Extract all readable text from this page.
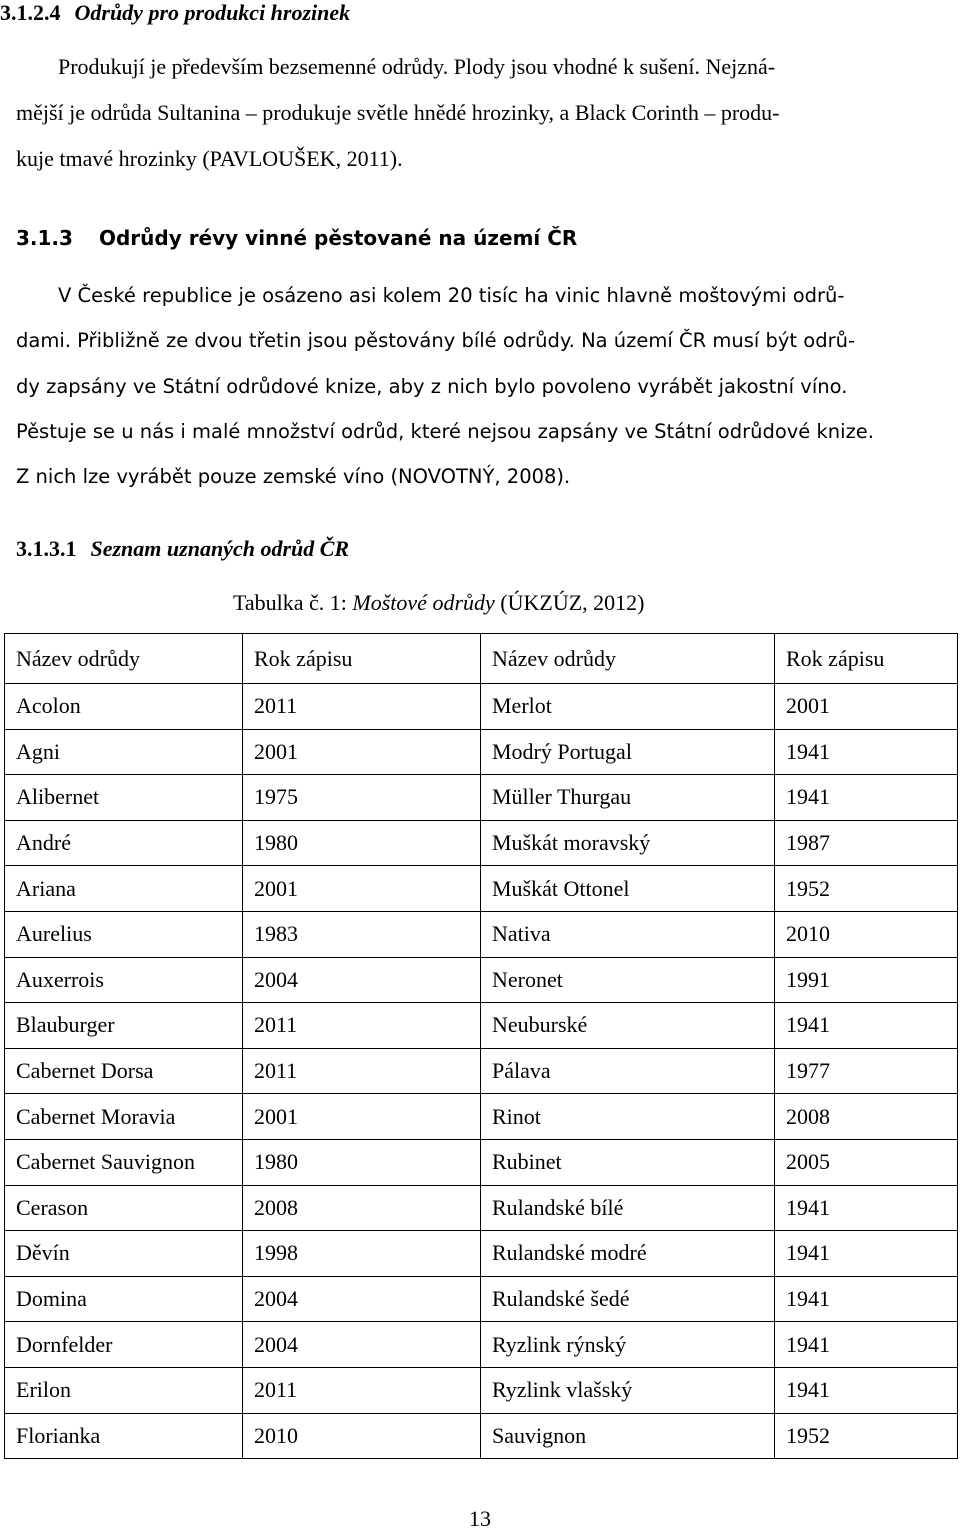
3.1.2.4 Odrůdy pro produkci hrozinek
Produkují je především bezsemenné odrůdy. Plody jsou vhodné k sušení. Nejzná-
mější je odrůda Sultanina – produkuje světle hnědé hrozinky, a Black Corinth – produ-
kuje tmavé hrozinky (PAVLOUŠEK, 2011).
3.1.3 Odrůdy révy vinné pěstované na území ČR
V České republice je osázeno asi kolem 20 tisíc ha vinic hlavně moštovými odrů-
dami. Přibližně ze dvou třetin jsou pěstovány bílé odrůdy. Na území ČR musí být odrů-
dy zapsány ve Státní odrůdové knize, aby z nich bylo povoleno vyrábět jakostní víno.
Pěstuje se u nás i malé množství odrůd, které nejsou zapsány ve Státní odrůdové knize.
Z nich lze vyrábět pouze zemské víno (NOVOTNÝ, 2008).
3.1.3.1 Seznam uznaných odrůd ČR
Tabulka č. 1: Moštové odrůdy (ÚKZÚZ, 2012)
Název odrůdy	Rok zápisu	Název odrůdy	Rok zápisu
Acolon	2011	Merlot	2001
Agni	2001	Modrý Portugal	1941
Alibernet	1975	Müller Thurgau	1941
André	1980	Muškát moravský	1987
Ariana	2001	Muškát Ottonel	1952
Aurelius	1983	Nativa	2010
Auxerrois	2004	Neronet	1991
Blauburger	2011	Neuburské	1941
Cabernet Dorsa	2011	Pálava	1977
Cabernet Moravia	2001	Rinot	2008
Cabernet Sauvignon	1980	Rubinet	2005
Cerason	2008	Rulandské bílé	1941
Děvín	1998	Rulandské modré	1941
Domina	2004	Rulandské šedé	1941
Dornfelder	2004	Ryzlink rýnský	1941
Erilon	2011	Ryzlink vlašský	1941
Florianka	2010	Sauvignon	1952
13
